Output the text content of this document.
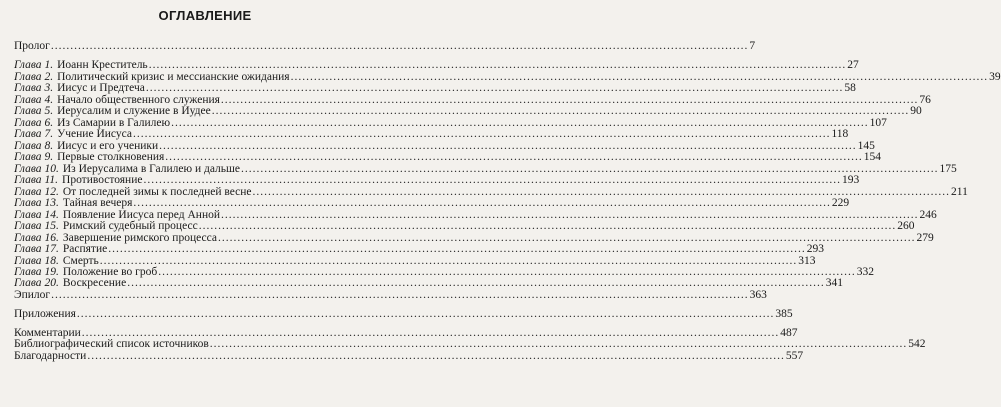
ОГЛАВЛЕНИЕ
Пролог .................................................................................................................................................................................... 7
Глава 1. Иоанн Креститель .................................................................................................................................................................................... 27
Глава 2. Политический кризис и мессианские ожидания .................................................................................................................................................................................... 39
Глава 3. Иисус и Предтеча .................................................................................................................................................................................... 58
Глава 4. Начало общественного служения .................................................................................................................................................................................... 76
Глава 5. Иерусалим и служение в Иудее .................................................................................................................................................................................... 90
Глава 6. Из Самарии в Галилею .................................................................................................................................................................................... 107
Глава 7. Учение Иисуса .................................................................................................................................................................................... 118
Глава 8. Иисус и его ученики .................................................................................................................................................................................... 145
Глава 9. Первые столкновения .................................................................................................................................................................................... 154
Глава 10. Из Иерусалима в Галилею и дальше .................................................................................................................................................................................... 175
Глава 11. Противостояние .................................................................................................................................................................................... 193
Глава 12. От последней зимы к последней весне .................................................................................................................................................................................... 211
Глава 13. Тайная вечеря .................................................................................................................................................................................... 229
Глава 14. Появление Иисуса перед Анной .................................................................................................................................................................................... 246
Глава 15. Римский судебный процесс .................................................................................................................................................................................... 260
Глава 16. Завершение римского процесса .................................................................................................................................................................................... 279
Глава 17. Распятие .................................................................................................................................................................................... 293
Глава 18. Смерть .................................................................................................................................................................................... 313
Глава 19. Положение во гроб .................................................................................................................................................................................... 332
Глава 20. Воскресение .................................................................................................................................................................................... 341
Эпилог .................................................................................................................................................................................... 363
Приложения .................................................................................................................................................................................... 385
Комментарии .................................................................................................................................................................................... 487
Библиографический список источников .................................................................................................................................................................................... 542
Благодарности .................................................................................................................................................................................... 557
